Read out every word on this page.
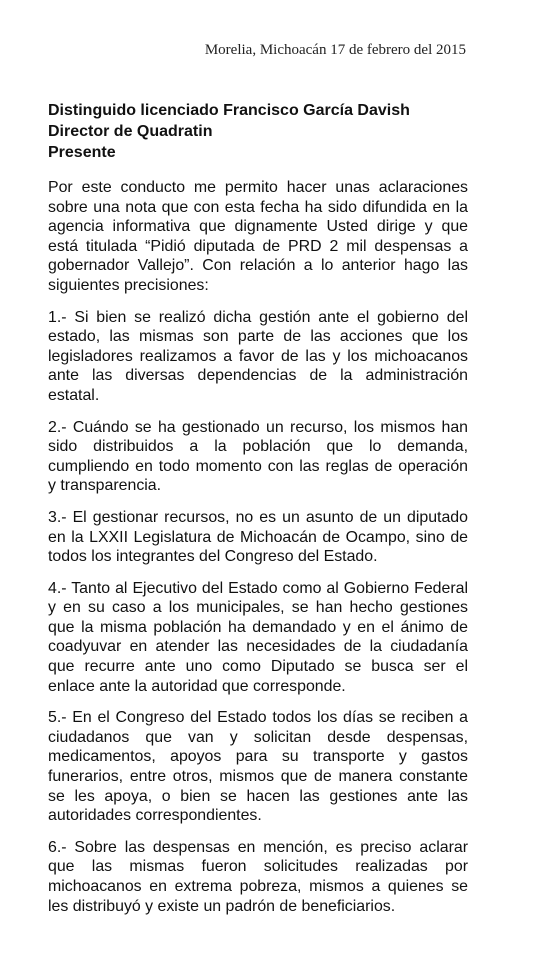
Morelia, Michoacán 17 de febrero del 2015
Distinguido licenciado Francisco García Davish
Director de Quadratin
Presente

Por este conducto me permito hacer unas aclaraciones sobre una nota que con esta fecha ha sido difundida en la agencia informativa que dignamente Usted dirige y que está titulada “Pidió diputada de PRD 2 mil despensas a gobernador Vallejo”. Con relación a lo anterior hago las siguientes precisiones:

1.- Si bien se realizó dicha gestión ante el gobierno del estado, las mismas son parte de las acciones que los legisladores realizamos a favor de las y los michoacanos ante las diversas dependencias de la administración estatal.

2.- Cuándo se ha gestionado un recurso, los mismos han sido distribuidos a la población que lo demanda, cumpliendo en todo momento con las reglas de operación y transparencia.

3.- El gestionar recursos, no es un asunto de un diputado en la LXXII Legislatura de Michoacán de Ocampo, sino de todos los integrantes del Congreso del Estado.

4.- Tanto al Ejecutivo del Estado como al Gobierno Federal y en su caso a los municipales, se han hecho gestiones que la misma población ha demandado y en el ánimo de coadyuvar en atender las necesidades de la ciudadanía que recurre ante uno como Diputado se busca ser el enlace ante la autoridad que corresponde.

5.- En el Congreso del Estado todos los días se reciben a ciudadanos que van y solicitan desde despensas, medicamentos, apoyos para su transporte y gastos funerarios, entre otros, mismos que de manera constante se les apoya, o bien se hacen las gestiones ante las autoridades correspondientes.

6.- Sobre las despensas en mención, es preciso aclarar que las mismas fueron solicitudes realizadas por michoacanos en extrema pobreza, mismos a quienes se les distribuyó y existe un padrón de beneficiarios.
